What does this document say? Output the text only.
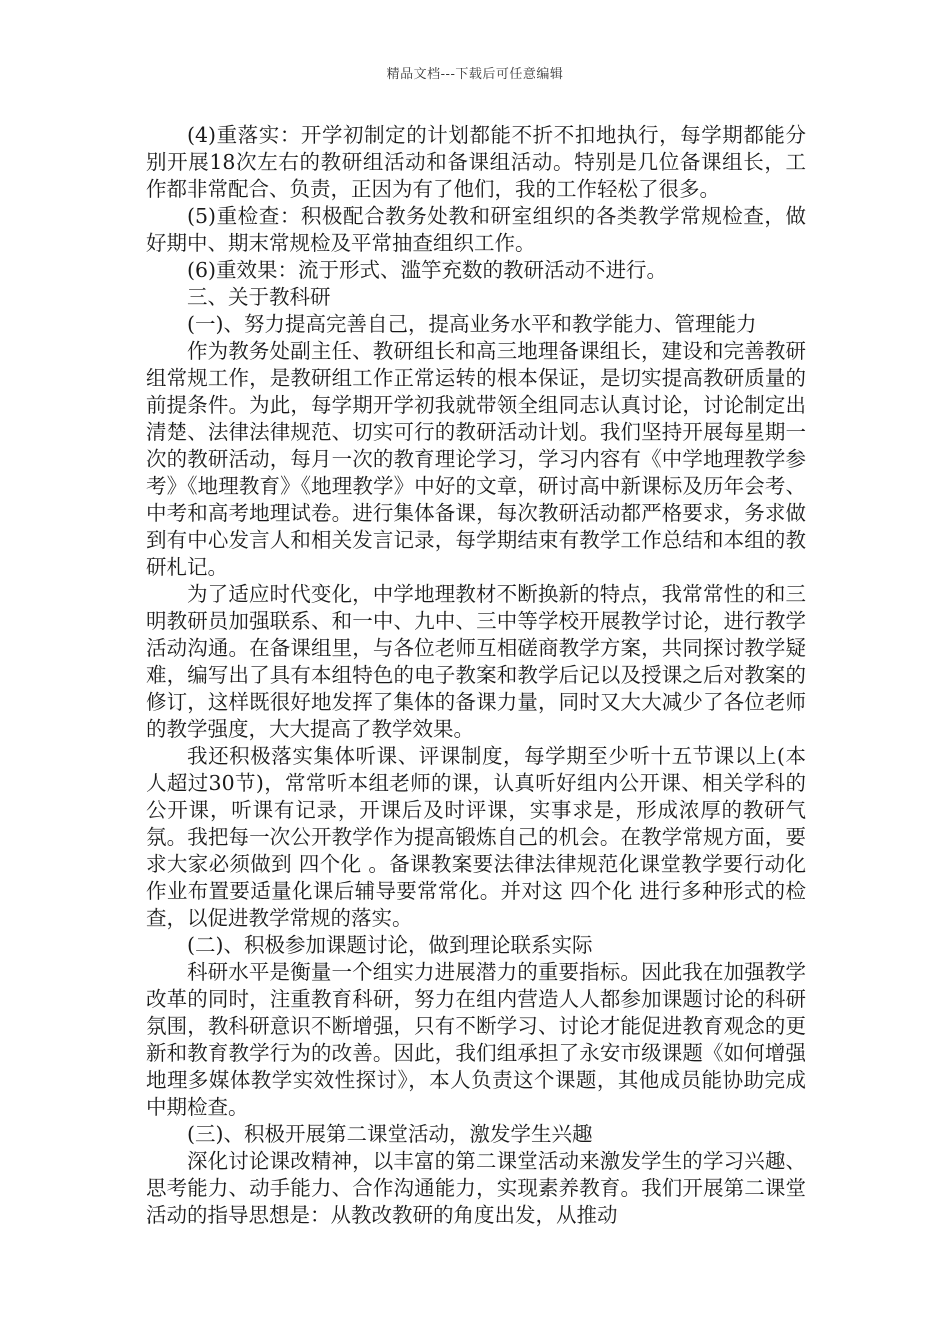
精品文档---下载后可任意编辑

(4)重落实：开学初制定的计划都能不折不扣地执行，每学期都能分别开展18次左右的教研组活动和备课组活动。特别是几位备课组长，工作都非常配合、负责，正因为有了他们，我的工作轻松了很多。

(5)重检查：积极配合教务处教和研室组织的各类教学常规检查，做好期中、期末常规检及平常抽查组织工作。

(6)重效果：流于形式、滥竽充数的教研活动不进行。

三、关于教科研

(一)、努力提高完善自己，提高业务水平和教学能力、管理能力

作为教务处副主任、教研组长和高三地理备课组长，建设和完善教研组常规工作，是教研组工作正常运转的根本保证，是切实提高教研质量的前提条件。为此，每学期开学初我就带领全组同志认真讨论，讨论制定出清楚、法律法律规范、切实可行的教研活动计划。我们坚持开展每星期一次的教研活动，每月一次的教育理论学习，学习内容有《中学地理教学参考》《地理教育》《地理教学》中好的文章，研讨高中新课标及历年会考、中考和高考地理试卷。进行集体备课，每次教研活动都严格要求，务求做到有中心发言人和相关发言记录，每学期结束有教学工作总结和本组的教研札记。

为了适应时代变化，中学地理教材不断换新的特点，我常常性的和三明教研员加强联系、和一中、九中、三中等学校开展教学讨论，进行教学活动沟通。在备课组里，与各位老师互相磋商教学方案，共同探讨教学疑难，编写出了具有本组特色的电子教案和教学后记以及授课之后对教案的修订，这样既很好地发挥了集体的备课力量，同时又大大减少了各位老师的教学强度，大大提高了教学效果。

我还积极落实集体听课、评课制度，每学期至少听十五节课以上(本人超过30节)，常常听本组老师的课，认真听好组内公开课、相关学科的公开课，听课有记录，开课后及时评课，实事求是，形成浓厚的教研气氛。我把每一次公开教学作为提高锻炼自己的机会。在教学常规方面，要求大家必须做到 四个化 。备课教案要法律法律规范化课堂教学要行动化作业布置要适量化课后辅导要常常化。并对这 四个化 进行多种形式的检查，以促进教学常规的落实。

(二)、积极参加课题讨论，做到理论联系实际

科研水平是衡量一个组实力进展潜力的重要指标。因此我在加强教学改革的同时，注重教育科研，努力在组内营造人人都参加课题讨论的科研氛围，教科研意识不断增强，只有不断学习、讨论才能促进教育观念的更新和教育教学行为的改善。因此，我们组承担了永安市级课题《如何增强地理多媒体教学实效性探讨》，本人负责这个课题，其他成员能协助完成中期检查。

(三)、积极开展第二课堂活动，激发学生兴趣

深化讨论课改精神，以丰富的第二课堂活动来激发学生的学习兴趣、思考能力、动手能力、合作沟通能力，实现素养教育。我们开展第二课堂活动的指导思想是：从教改教研的角度出发，从推动
